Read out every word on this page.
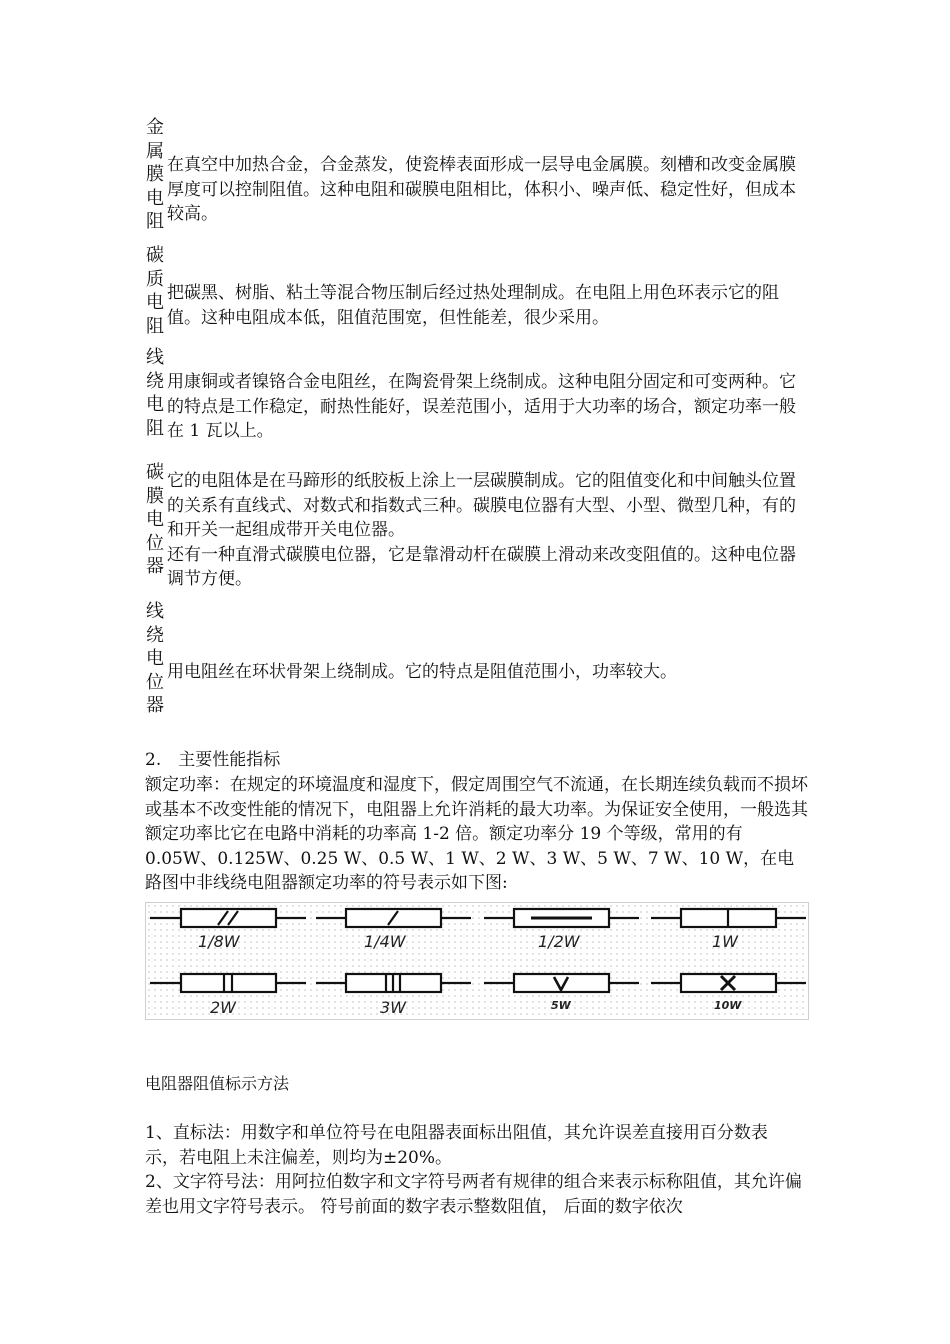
金
属
膜
电
阻

在真空中加热合金，合金蒸发，使瓷棒表面形成一层导电金属膜。刻槽和改变金属膜厚度可以控制阻值。这种电阻和碳膜电阻相比，体积小、噪声低、稳定性好，但成本较高。

碳
质
电
阻

把碳黑、树脂、粘土等混合物压制后经过热处理制成。在电阻上用色环表示它的阻值。这种电阻成本低，阻值范围宽，但性能差，很少采用。

线
绕
电
阻

用康铜或者镍铬合金电阻丝，在陶瓷骨架上绕制成。这种电阻分固定和可变两种。它的特点是工作稳定，耐热性能好，误差范围小，适用于大功率的场合，额定功率一般在 1 瓦以上。

碳
膜
电
位
器

它的电阻体是在马蹄形的纸胶板上涂上一层碳膜制成。它的阻值变化和中间触头位置的关系有直线式、对数式和指数式三种。碳膜电位器有大型、小型、微型几种，有的和开关一起组成带开关电位器。

还有一种直滑式碳膜电位器，它是靠滑动杆在碳膜上滑动来改变阻值的。这种电位器调节方便。

线
绕
电
位
器

用电阻丝在环状骨架上绕制成。它的特点是阻值范围小，功率较大。

2.　主要性能指标

额定功率：在规定的环境温度和湿度下，假定周围空气不流通，在长期连续负载而不损坏或基本不改变性能的情况下，电阻器上允许消耗的最大功率。为保证安全使用，一般选其额定功率比它在电路中消耗的功率高 1-2 倍。额定功率分 19 个等级，常用的有 0.05W、0.125W、0.25 W、0.5 W、1 W、2 W、3 W、5 W、7 W、10 W，在电路图中非线绕电阻器额定功率的符号表示如下图:

1/8W	1/4W	1/2W	1W
2W	3W	5W	10W

电阻器阻值标示方法

1、直标法：用数字和单位符号在电阻器表面标出阻值，其允许误差直接用百分数表示，若电阻上未注偏差，则均为±20%。

2、文字符号法：用阿拉伯数字和文字符号两者有规律的组合来表示标称阻值，其允许偏差也用文字符号表示。 符号前面的数字表示整数阻值， 后面的数字依次
